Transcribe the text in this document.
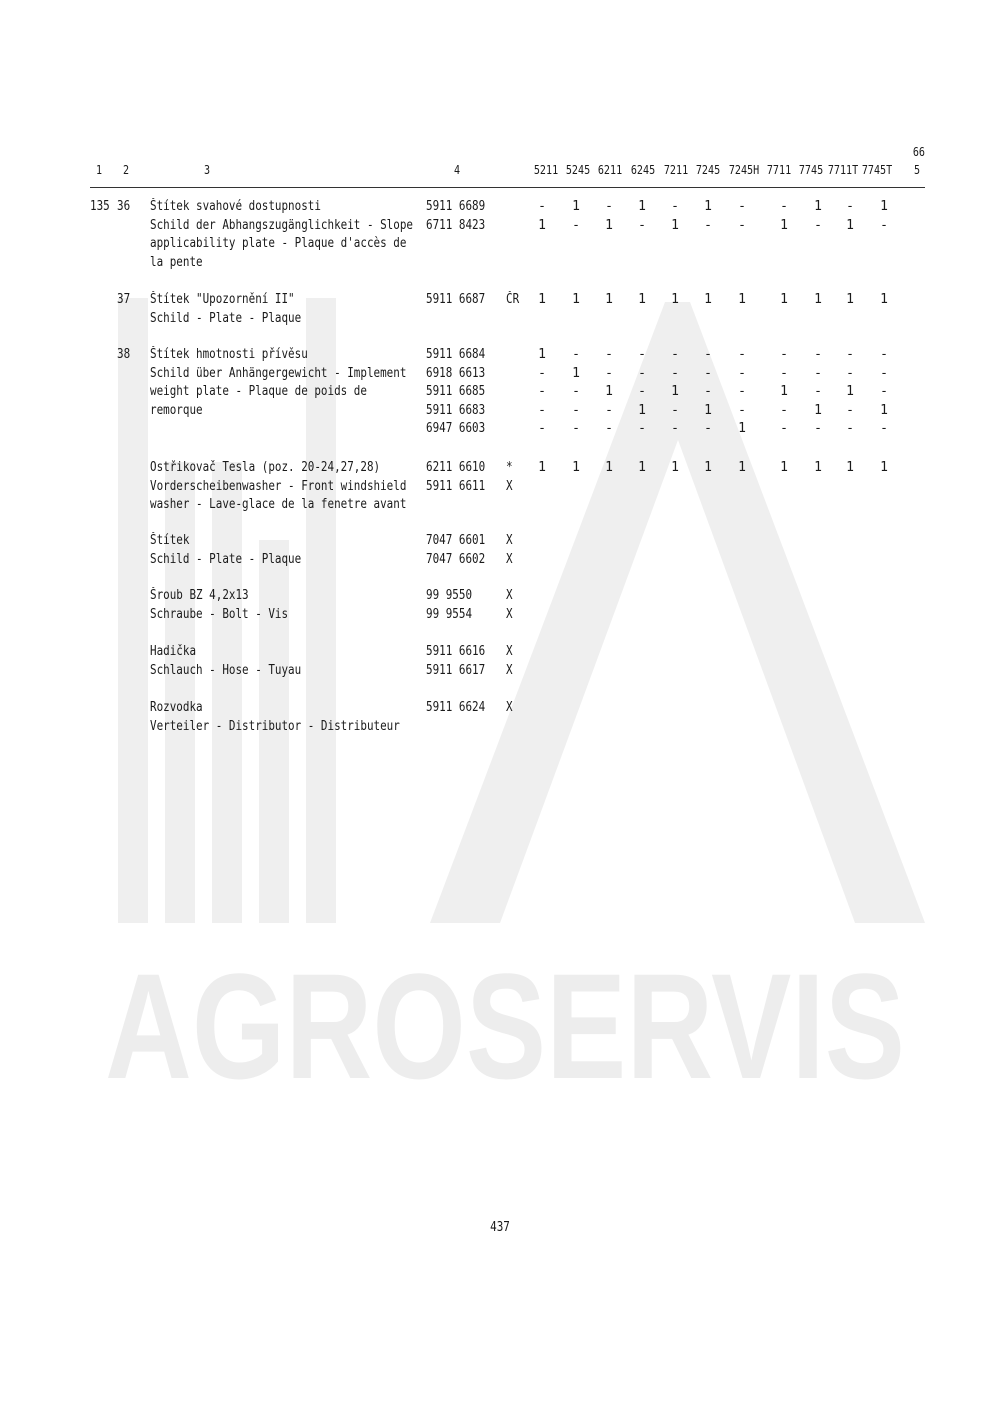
AGROSERVIS
66
1 2	3	4	5
5211 5245 6211 6245 7211 7245 7245H 7711 7745 7711T 7745T
135 36 Štítek svahové dostupnosti
Schild der Abhangszugänglichkeit - Slope
applicability plate - Plaque d'accès de
la pente
5911 6689	- 1 - 1 - 1 -	- 1 - 1
6711 8423	1 - 1 - 1 - -	1 - 1 -
37 Štítek "Upozornění II"
Schild - Plate - Plaque
5911 6687 ČR 1 1 1 1 1 1 1	1 1 1 1
38 Štítek hmotnosti přívěsu
Schild über Anhängergewicht - Implement
weight plate - Plaque de poids de
remorque
5911 6684	1 - - - - - -	- - - -
6918 6613	- 1 - - - - -	- - - -
5911 6685	- - 1 - 1 - -	1 - 1 -
5911 6683	- - - 1 - 1 -	- 1 - 1
6947 6603	- - - - - - 1	- - - -
Ostřikovač Tesla (poz. 20-24,27,28)
Vorderscheibenwasher - Front windshield
washer - Lave-glace de la fenetre avant
6211 6610 * 1 1 1 1 1 1 1	1 1 1 1
5911 6611 X
Štítek
Schild - Plate - Plaque
7047 6601 X
7047 6602 X
Šroub BZ 4,2x13
Schraube - Bolt - Vis
99 9550	X
99 9554	X
Hadička
Schlauch - Hose - Tuyau
5911 6616 X
5911 6617 X
Rozvodka
Verteiler - Distributor - Distributeur
5911 6624 X
437
